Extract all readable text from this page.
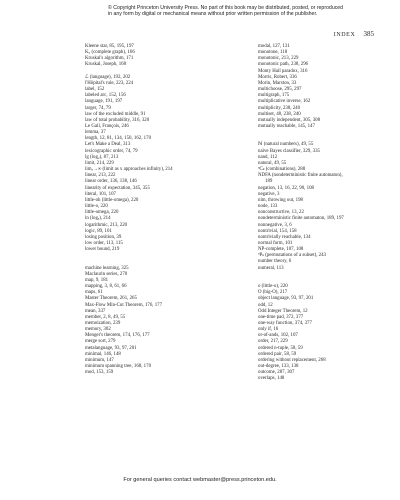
© Copyright Princeton University Press. No part of this book may be distributed, posted, or reproduced in any form by digital or mechanical means without prior written permission of the publisher.
INDEX 385
Kleene star, 85, 195, 197
K₅ (complete graph), 166
Kruskal's algorithm, 171
Kruskal, Joseph, 168
ℒ (language), 192, 202
l'Hôpital's rule, 223, 224
label, 152
labeled arc, 152, 156
language, 191, 197
larger, 74, 79
law of the excluded middle, 91
law of total probability, 316, 320
Le Gall, François, 246
lemma, 37
length, 12, 81, 134, 150, 162, 170
Let's Make a Deal, 313
lexicographic order, 74, 79
lg (log₂), 87, 213
limit, 214, 229
limₓ→∞ (limit as x approaches infinity), 214
linear, 213, 222
linear order, 136, 138, 146
linearity of expectation, 345, 355
literal, 101, 107
little-oh (little-omega), 220
little-o, 220
little-omega, 220
ln (logₑ), 214
logarithmic, 213, 220
logic, 89, 101
losing position, 39
low order, 113, 115
lower bound, 219
machine learning, 325
Maclaurin series, 270
map, 9, 181
mapping, 3, 8, 61, 66
maps, 61
Master Theorem, 261, 265
Max-Flow Min-Cut Theorem, 176, 177
mean, 337
member, 2, 8, 49, 55
memoization, 239
memory, 302
Menger's theorem, 174, 176, 177
merge sort, 279
metalanguage, 93, 97, 201
minimal, 146, 148
minimum, 147
minimum spanning tree, 168, 170
mod, 153, 159
modal, 127, 131
monotone, 118
monotonic, 213, 229
monotonic path, 238, 296
Monty Hall paradox, 316
Morris, Robert, 336
Morin, Marston, 33
multichoose, 295, 297
multigraph, 175
multiplicative inverse, 162
multiplicity, 238, 240
multiset, 48, 238, 240
mutually independent, 305, 308
mutually reachable, 145, 147
ℕ (natural numbers), 49, 55
naïve Bayes classifier, 329, 335
nand, 112
natural, 49, 55
ⁿCₖ (combinations), 288
NDFA (nondeterministic finite automaton),
189
negation, 13, 16, 22, 90, 108
negative, 3
nim, throwing out, 198
node, 133
nonconstructive, 13, 22
nondeterministic finite automaton, 189, 197
nonnegative, 3, 6
nontrivial, 154, 158
nontrivially reachable, 134
normal form, 101
NP-complete, 107, 108
ⁿPₖ (permutations of a subset), 243
number theory, 6
numeral, 113
o (little-o), 220
O (big-O), 217
object language, 93, 97, 201
odd, 12
Odd Integer Theorem, 12
one-time pad, 372, 377
one-way function, 374, 377
only if, 16
or-of-ands, 102, 107
order, 217, 229
ordered n-tuple, 58, 59
ordered pair, 58, 59
ordering without replacement, 268
out-degree, 133, 138
outcome, 287, 307
overlaps, 148
For general queries contact webmaster@press.princeton.edu.
